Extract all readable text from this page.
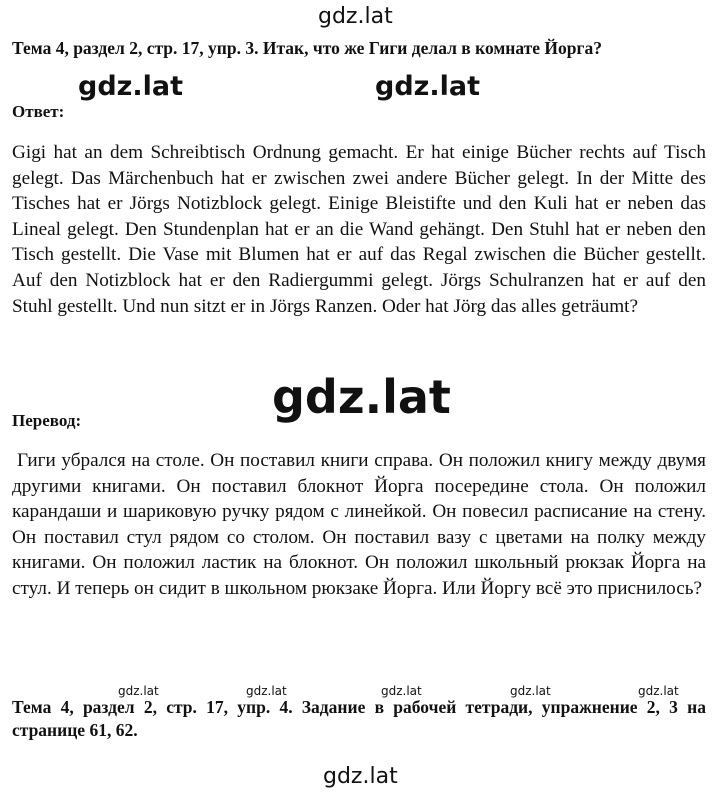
gdz.lat
Тема 4, раздел 2, стр. 17, упр. 3. Итак, что же Гиги делал в комнате Йорга?
gdz.lat	gdz.lat
Ответ:
Gigi hat an dem Schreibtisch Ordnung gemacht. Er hat einige Bücher rechts auf Tisch gelegt. Das Märchenbuch hat er zwischen zwei andere Bücher gelegt. In der Mitte des Tisches hat er Jörgs Notizblock gelegt. Einige Bleistifte und den Kuli hat er neben das Lineal gelegt. Den Stundenplan hat er an die Wand gehängt. Den Stuhl hat er neben den Tisch gestellt. Die Vase mit Blumen hat er auf das Regal zwischen die Bücher gestellt. Auf den Notizblock hat er den Radiergummi gelegt. Jörgs Schulranzen hat er auf den Stuhl gestellt. Und nun sitzt er in Jörgs Ranzen. Oder hat Jörg das alles geträumt?
gdz.lat
Перевод:
Гиги убрался на столе. Он поставил книги справа. Он положил книгу между двумя другими книгами. Он поставил блокнот Йорга посередине стола. Он положил карандаши и шариковую ручку рядом с линейкой. Он повесил расписание на стену. Он поставил стул рядом со столом. Он поставил вазу с цветами на полку между книгами. Он положил ластик на блокнот. Он положил школьный рюкзак Йорга на стул. И теперь он сидит в школьном рюкзаке Йорга. Или Йоргу всё это приснилось?
Тема 4, раздел 2, стр. 17, упр. 4. Задание в рабочей тетради, упражнение 2, 3 на странице 61, 62.
gdz.lat	gdz.lat	gdz.lat	gdz.lat	gdz.lat
gdz.lat
